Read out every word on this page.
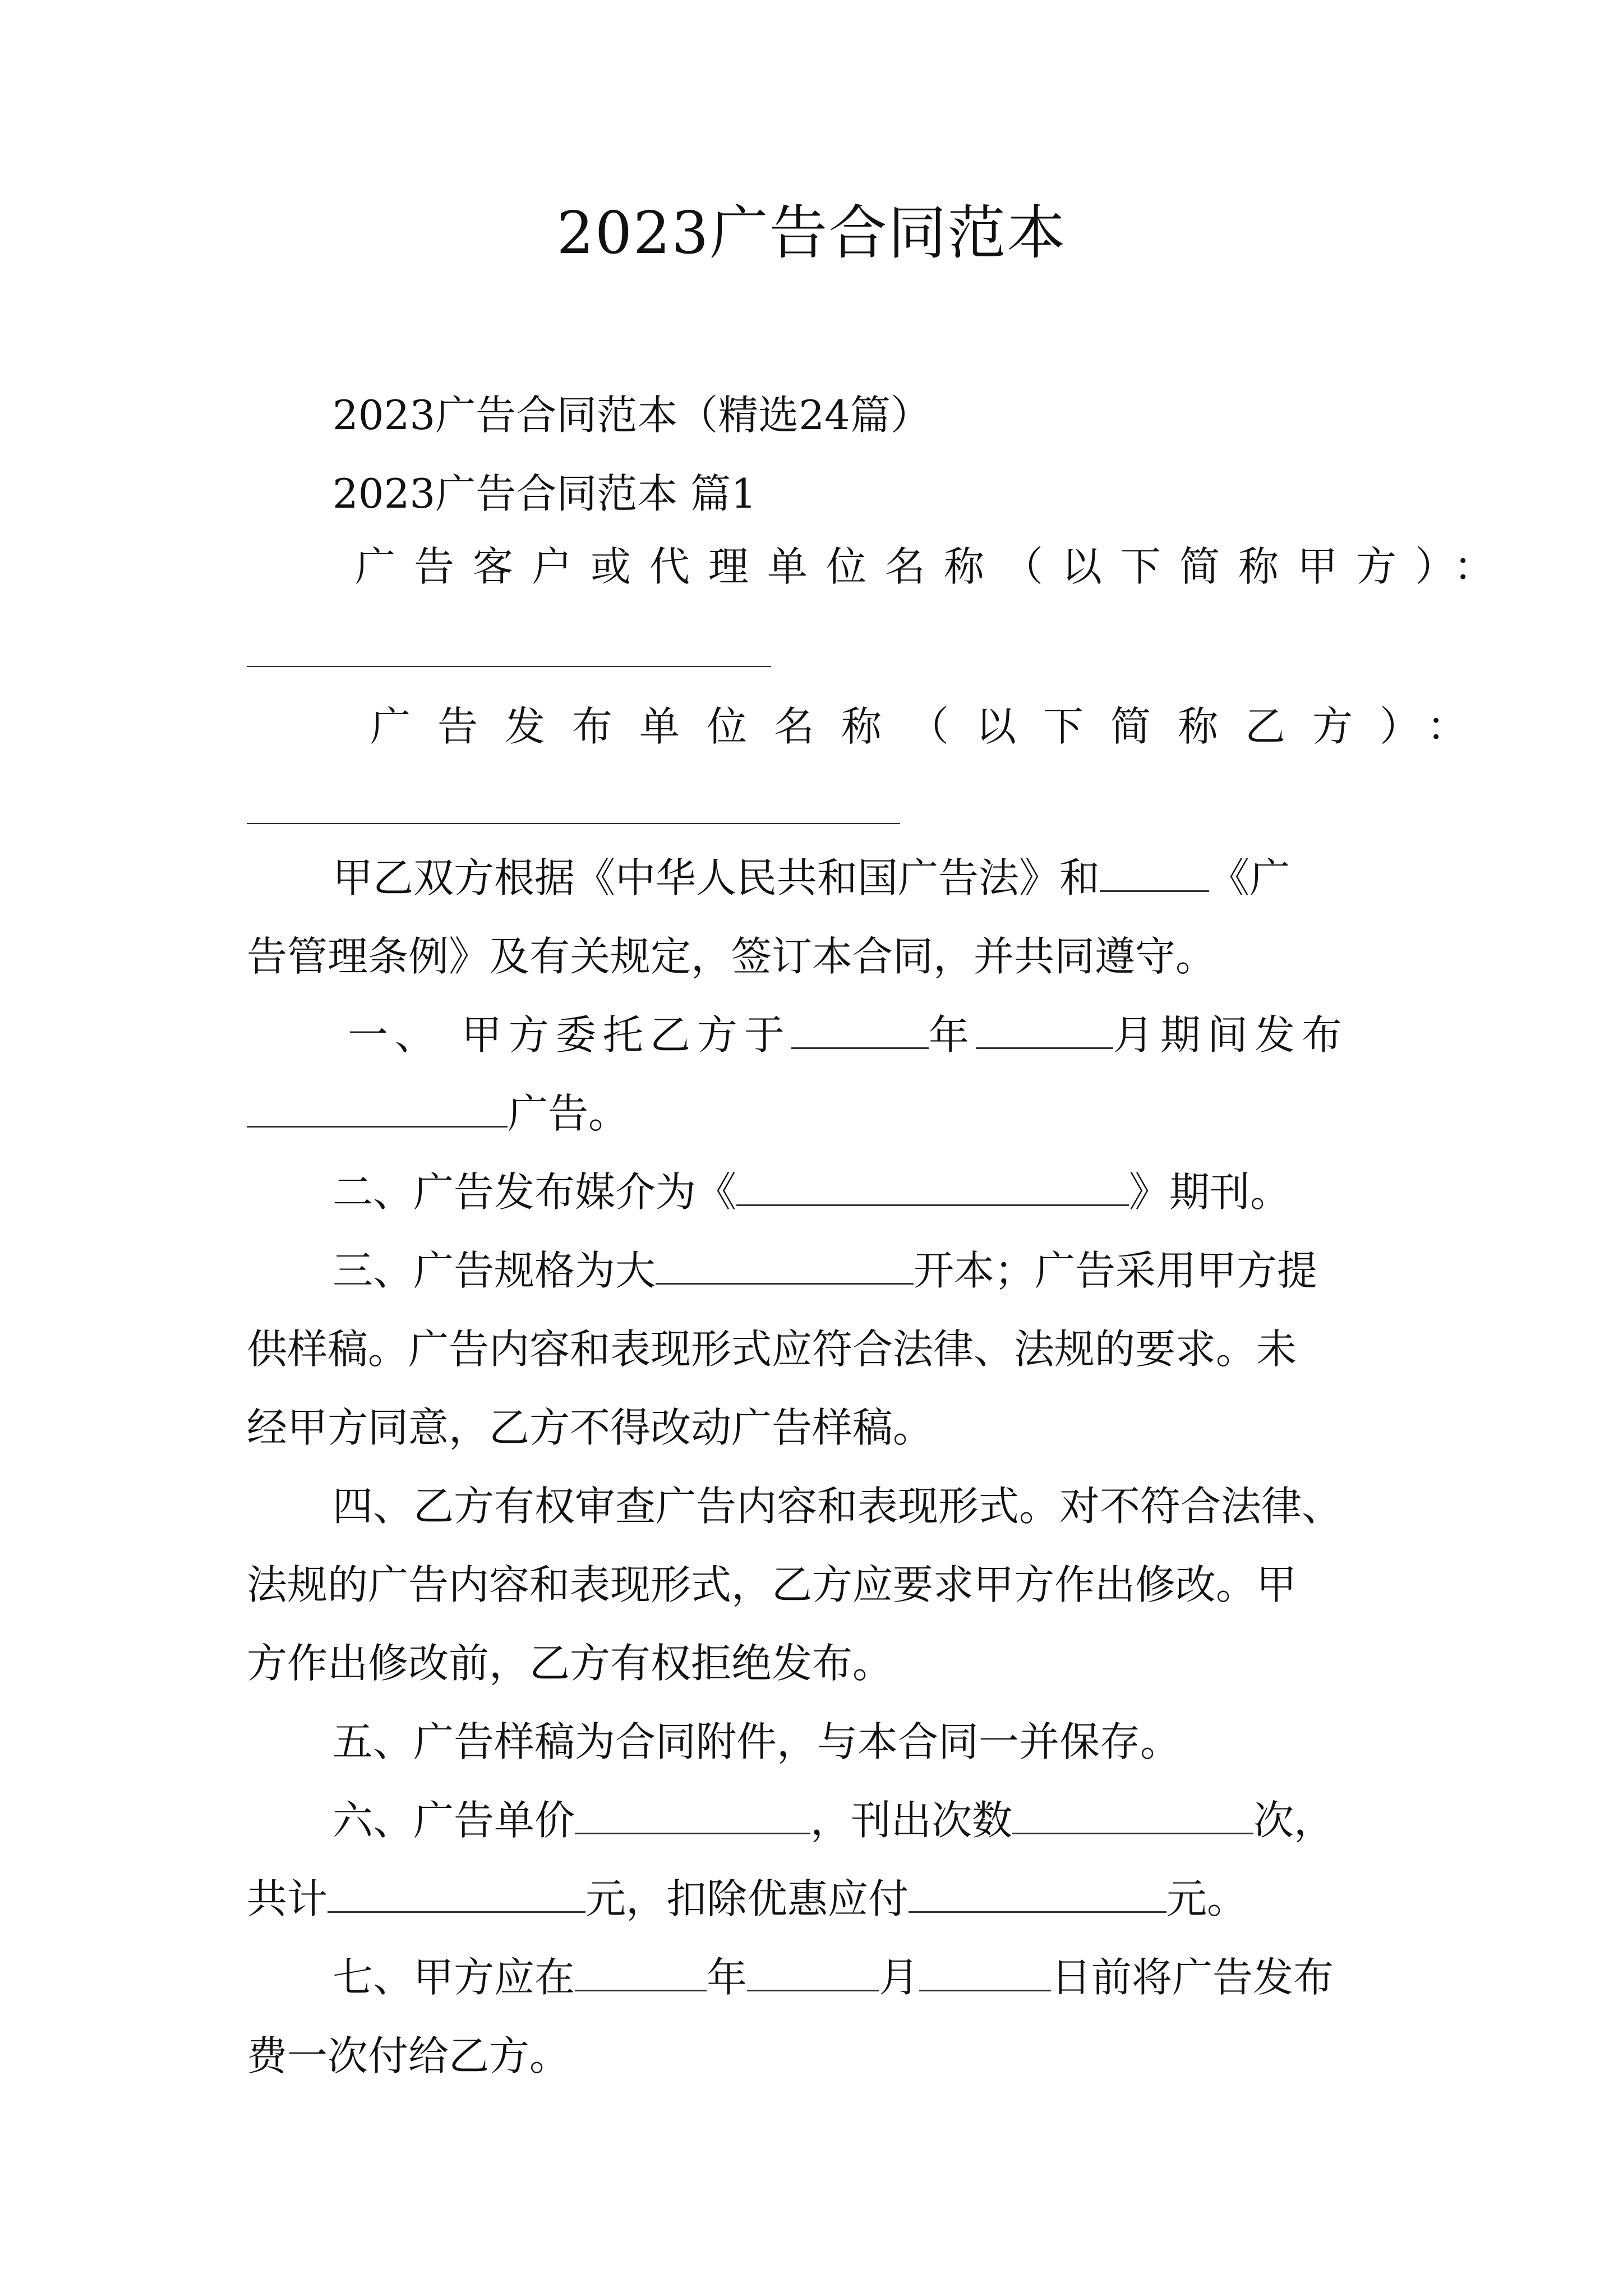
2023广告合同范本
2023广告合同范本（精选24篇）
2023广告合同范本 篇1
广告客户或代理单位名称（以下简称甲方）：
广告发布单位名称（以下简称乙方）：
甲乙双方根据《中华人民共和国广告法》和	《广
告管理条例》及有关规定，签订本合同，并共同遵守。
一、 甲方委托乙方于	年	月期间发布
广告。
二、广告发布媒介为《	》期刊。
三、广告规格为大	开本；广告采用甲方提
供样稿。广告内容和表现形式应符合法律、法规的要求。未
经甲方同意，乙方不得改动广告样稿。
四、乙方有权审查广告内容和表现形式。对不符合法律、
法规的广告内容和表现形式，乙方应要求甲方作出修改。甲
方作出修改前，乙方有权拒绝发布。
五、广告样稿为合同附件，与本合同一并保存。
六、广告单价	，刊出次数	次，
共计	元，扣除优惠应付	元。
七、甲方应在	年	月	日前将广告发布
费一次付给乙方。
